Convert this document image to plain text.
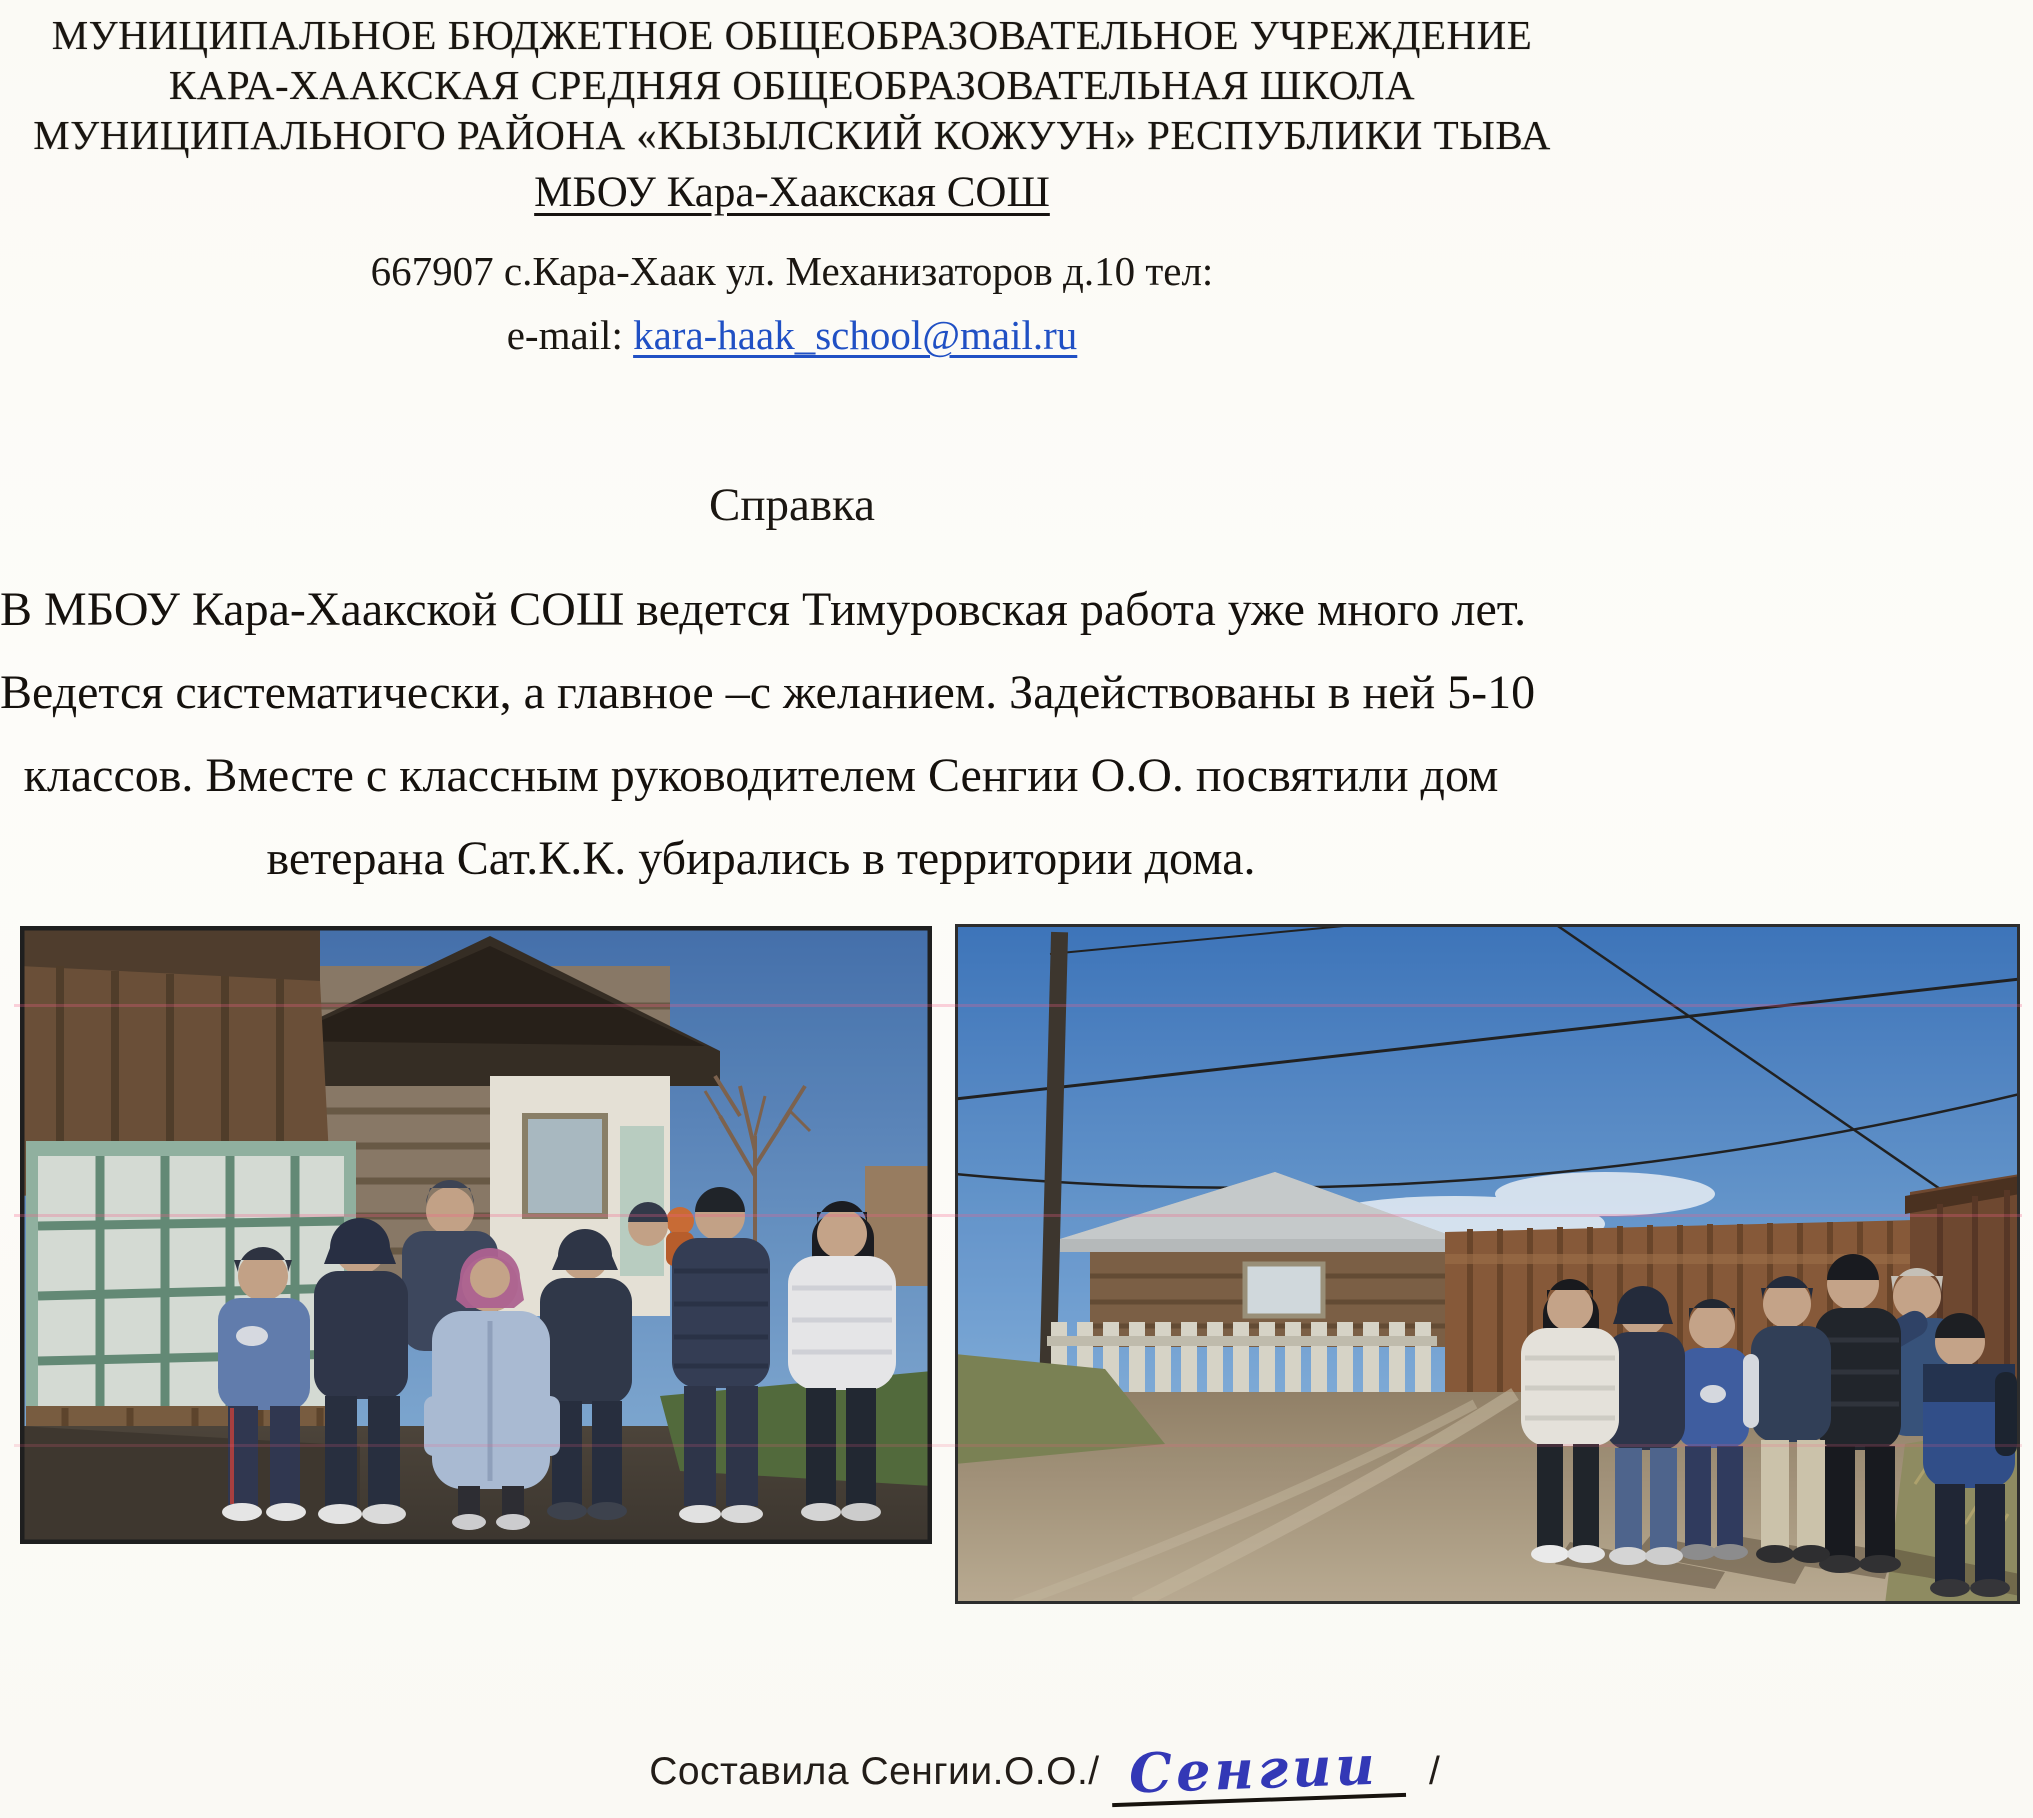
МУНИЦИПАЛЬНОЕ БЮДЖЕТНОЕ ОБЩЕОБРАЗОВАТЕЛЬНОЕ УЧРЕЖДЕНИЕ
КАРА-ХААКСКАЯ СРЕДНЯЯ ОБЩЕОБРАЗОВАТЕЛЬНАЯ ШКОЛА
МУНИЦИПАЛЬНОГО РАЙОНА «КЫЗЫЛСКИЙ КОЖУУН» РЕСПУБЛИКИ ТЫВА
МБОУ Кара-Хаакская СОШ
667907 с.Кара-Хаак ул. Механизаторов д.10 тел:
e-mail: kara-haak_school@mail.ru
Справка
В МБОУ Кара-Хаакской СОШ ведется Тимуровская работа уже много лет.
Ведется систематически, а главное –с желанием. Задействованы в ней 5-10
классов. Вместе с классным руководителем Сенгии О.О. посвятили дом
ветерана Сат.К.К. убирались в территории дома.
Составила Сенгии.О.О./ Сенгии /
